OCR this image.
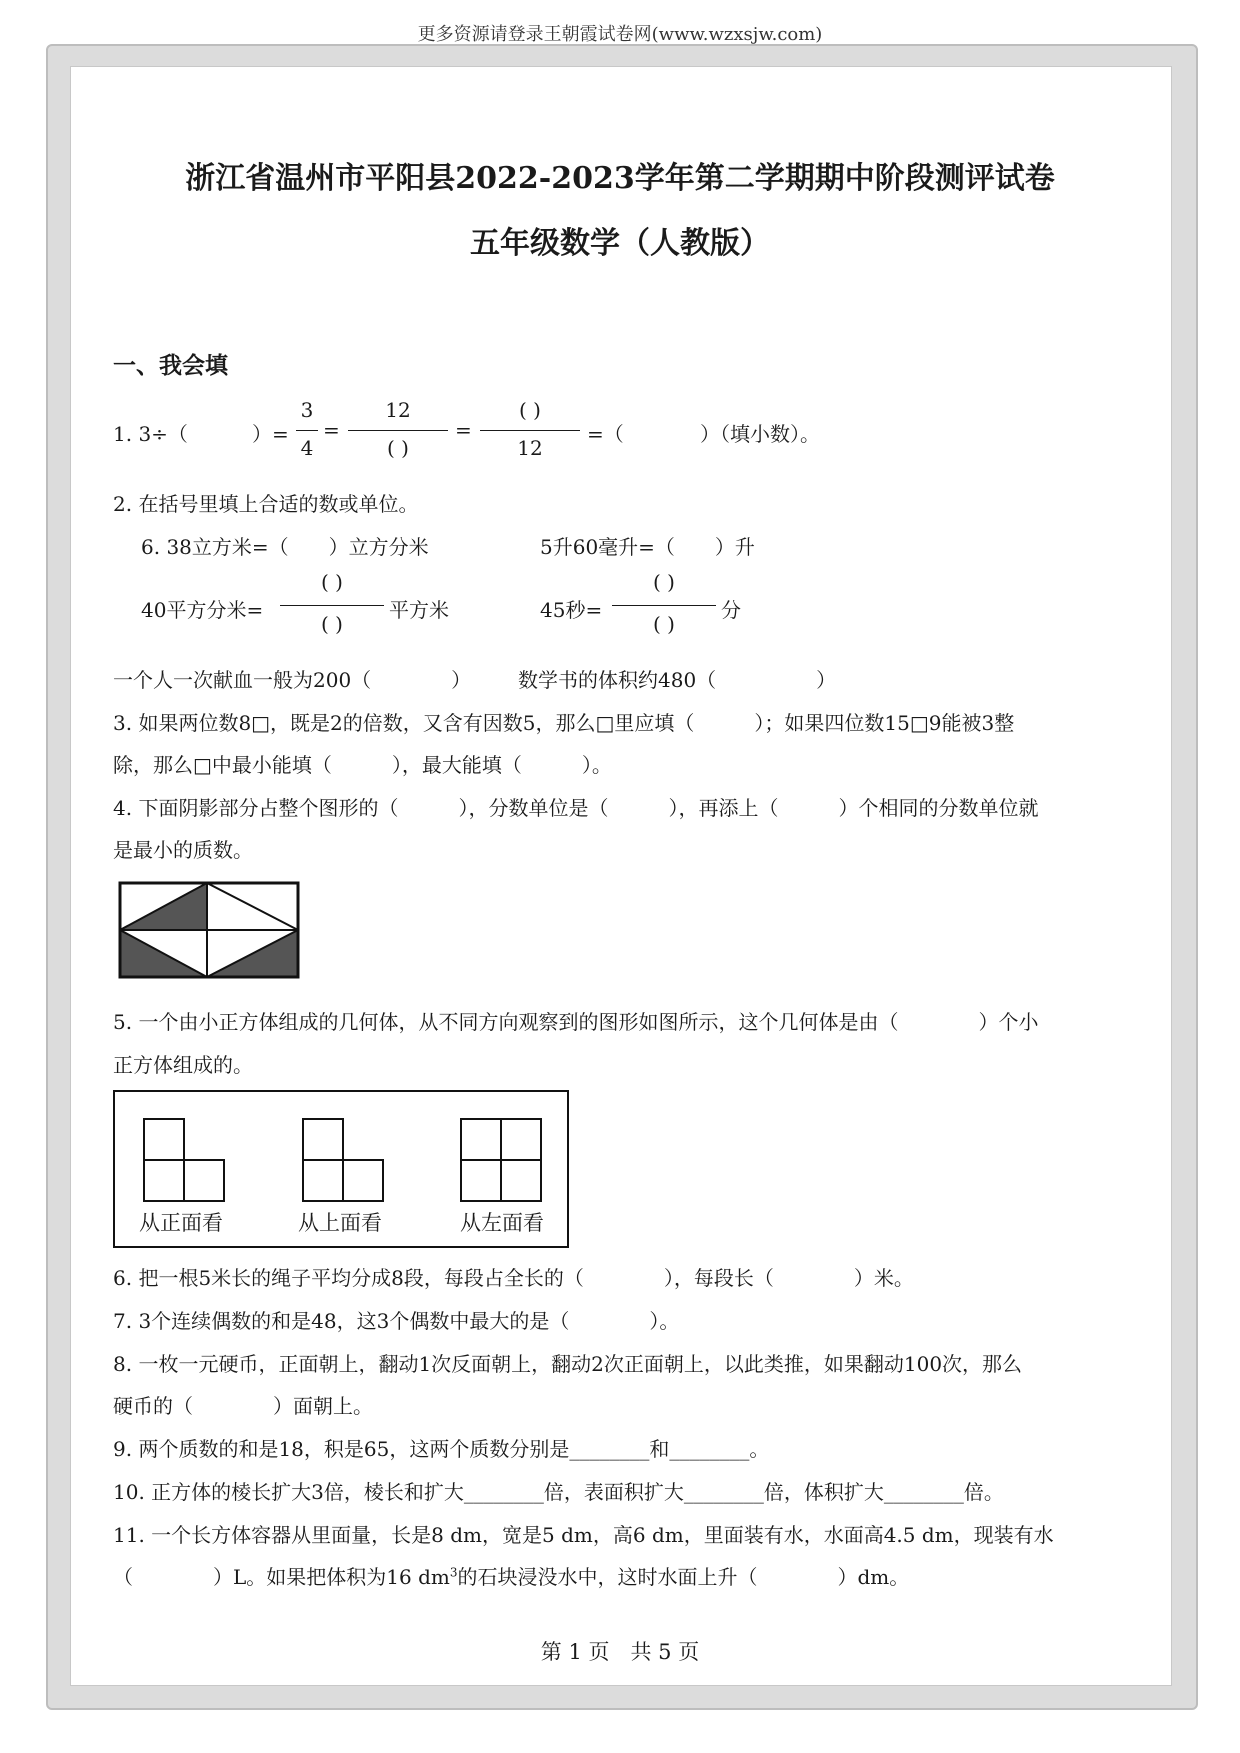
更多资源请登录王朝霞试卷网(www.wzxsjw.com)
浙江省温州市平阳县2022-2023学年第二学期期中阶段测评试卷
五年级数学（人教版）
一、我会填
1. 3÷（	）=
3
4
=
12
( )
=
( )
12
=（	）（填小数）。
2. 在括号里填上合适的数或单位。
6. 38立方米=（　　）立方分米	5升60毫升=（　　）升
40平方分米=
( )
( )
平方米	45秒=
( )
( )
分
一个人一次献血一般为200（　　　　） 数学书的体积约480（　　　　　）
3. 如果两位数8□，既是2的倍数，又含有因数5，那么□里应填（　　　）；如果四位数15□9能被3整
除，那么□中最小能填（　　　），最大能填（　　　）。
4. 下面阴影部分占整个图形的（　　　），分数单位是（　　　），再添上（　　　）个相同的分数单位就
是最小的质数。
5. 一个由小正方体组成的几何体，从不同方向观察到的图形如图所示，这个几何体是由（　　　　）个小
正方体组成的。
从正面看	从上面看	从左面看
6. 把一根5米长的绳子平均分成8段，每段占全长的（　　　　），每段长（　　　　）米。
7. 3个连续偶数的和是48，这3个偶数中最大的是（　　　　）。
8. 一枚一元硬币，正面朝上，翻动1次反面朝上，翻动2次正面朝上，以此类推，如果翻动100次，那么
硬币的（　　　　）面朝上。
9. 两个质数的和是18，积是65，这两个质数分别是________和________。
10. 正方体的棱长扩大3倍，棱长和扩大________倍，表面积扩大________倍，体积扩大________倍。
11. 一个长方体容器从里面量，长是8 dm，宽是5 dm，高6 dm，里面装有水，水面高4.5 dm，现装有水
（　　　　）L。如果把体积为16 $dm^3$的石块浸没水中，这时水面上升（　　　　）dm。
第 1 页　共 5 页
